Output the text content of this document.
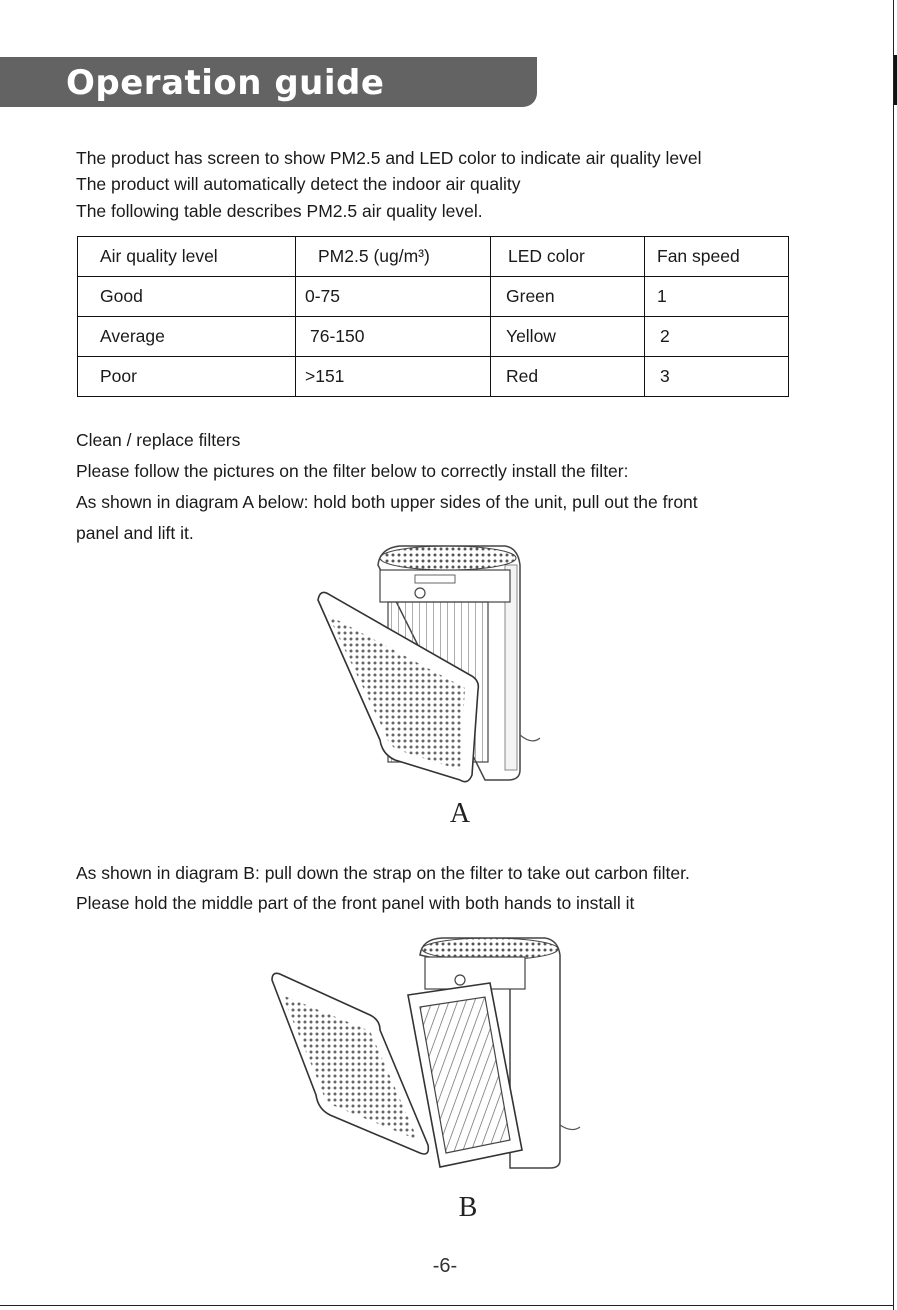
Operation guide

The product has screen to show PM2.5 and LED color to indicate air quality level

The product will automatically detect the indoor air quality

The following table describes PM2.5 air quality level.

Air quality level	PM2.5 (ug/m³)	LED color	Fan speed
Good	0-75	Green	1
Average	76-150	Yellow	2
Poor	>151	Red	3

Clean / replace filters

Please follow the pictures on the filter below to correctly install the filter:

As shown in diagram A below: hold both upper sides of the unit, pull out the front

panel and lift it.

A

As shown in diagram B: pull down the strap on the filter to take out carbon filter.

Please hold the middle part of the front panel with both hands to install it

B

-6-
